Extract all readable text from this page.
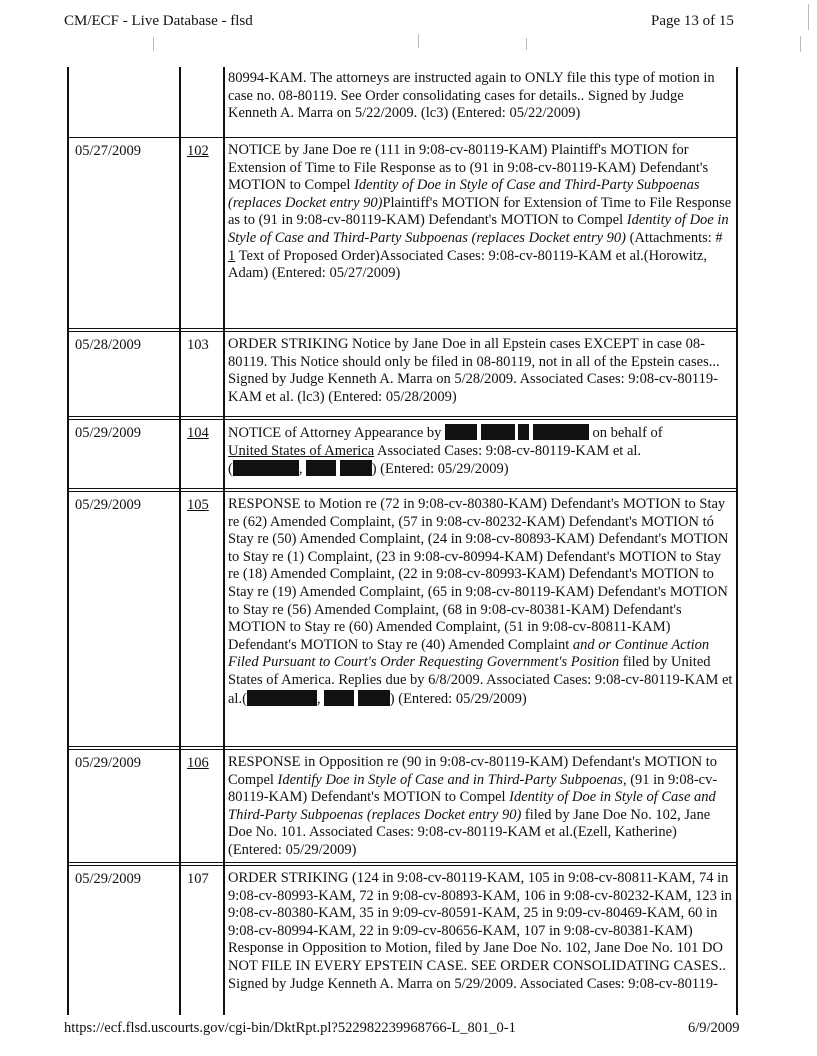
CM/ECF - Live Database - flsd	Page 13 of 15

80994-KAM. The attorneys are instructed again to ONLY file this type of motion in case no. 08-80119. See Order consolidating cases for details.. Signed by Judge Kenneth A. Marra on 5/22/2009. (lc3) (Entered: 05/22/2009)

05/27/2009	102 NOTICE by Jane Doe re (111 in 9:08-cv-80119-KAM) Plaintiff's MOTION for Extension of Time to File Response as to (91 in 9:08-cv-80119-KAM) Defendant's MOTION to Compel Identity of Doe in Style of Case and Third-Party Subpoenas (replaces Docket entry 90)Plaintiff's MOTION for Extension of Time to File Response as to (91 in 9:08-cv-80119-KAM) Defendant's MOTION to Compel Identity of Doe in Style of Case and Third-Party Subpoenas (replaces Docket entry 90) (Attachments: # 1 Text of Proposed Order)Associated Cases: 9:08-cv-80119-KAM et al.(Horowitz, Adam) (Entered: 05/27/2009)

05/28/2009	103 ORDER STRIKING Notice by Jane Doe in all Epstein cases EXCEPT in case 08-80119. This Notice should only be filed in 08-80119, not in all of the Epstein cases... Signed by Judge Kenneth A. Marra on 5/28/2009. Associated Cases: 9:08-cv-80119-KAM et al. (lc3) (Entered: 05/28/2009)

05/29/2009	104 NOTICE of Attorney Appearance by	on behalf of
United States of America Associated Cases: 9:08-cv-80119-KAM et al.
(	,	) (Entered: 05/29/2009)

05/29/2009	105 RESPONSE to Motion re (72 in 9:08-cv-80380-KAM) Defendant's MOTION to Stay re (62) Amended Complaint, (57 in 9:08-cv-80232-KAM) Defendant's MOTION tó Stay re (50) Amended Complaint, (24 in 9:08-cv-80893-KAM) Defendant's MOTION to Stay re (1) Complaint, (23 in 9:08-cv-80994-KAM) Defendant's MOTION to Stay re (18) Amended Complaint, (22 in 9:08-cv-80993-KAM) Defendant's MOTION to Stay re (19) Amended Complaint, (65 in 9:08-cv-80119-KAM) Defendant's MOTION to Stay re (56) Amended Complaint, (68 in 9:08-cv-80381-KAM) Defendant's MOTION to Stay re (60) Amended Complaint, (51 in 9:08-cv-80811-KAM) Defendant's MOTION to Stay re (40) Amended Complaint and or Continue Action Filed Pursuant to Court's Order Requesting Government's Position filed by United States of America. Replies due by 6/8/2009. Associated Cases: 9:08-cv-80119-KAM et al.(	,	) (Entered: 05/29/2009)

05/29/2009	106 RESPONSE in Opposition re (90 in 9:08-cv-80119-KAM) Defendant's MOTION to Compel Identify Doe in Style of Case and in Third-Party Subpoenas, (91 in 9:08-cv-80119-KAM) Defendant's MOTION to Compel Identity of Doe in Style of Case and Third-Party Subpoenas (replaces Docket entry 90) filed by Jane Doe No. 102, Jane Doe No. 101. Associated Cases: 9:08-cv-80119-KAM et al.(Ezell, Katherine) (Entered: 05/29/2009)

05/29/2009	107 ORDER STRIKING (124 in 9:08-cv-80119-KAM, 105 in 9:08-cv-80811-KAM, 74 in 9:08-cv-80993-KAM, 72 in 9:08-cv-80893-KAM, 106 in 9:08-cv-80232-KAM, 123 in 9:08-cv-80380-KAM, 35 in 9:09-cv-80591-KAM, 25 in 9:09-cv-80469-KAM, 60 in 9:08-cv-80994-KAM, 22 in 9:09-cv-80656-KAM, 107 in 9:08-cv-80381-KAM) Response in Opposition to Motion, filed by Jane Doe No. 102, Jane Doe No. 101 DO NOT FILE IN EVERY EPSTEIN CASE. SEE ORDER CONSOLIDATING CASES.. Signed by Judge Kenneth A. Marra on 5/29/2009. Associated Cases: 9:08-cv-80119-

https://ecf.flsd.uscourts.gov/cgi-bin/DktRpt.pl?522982239968766-L_801_0-1	6/9/2009
